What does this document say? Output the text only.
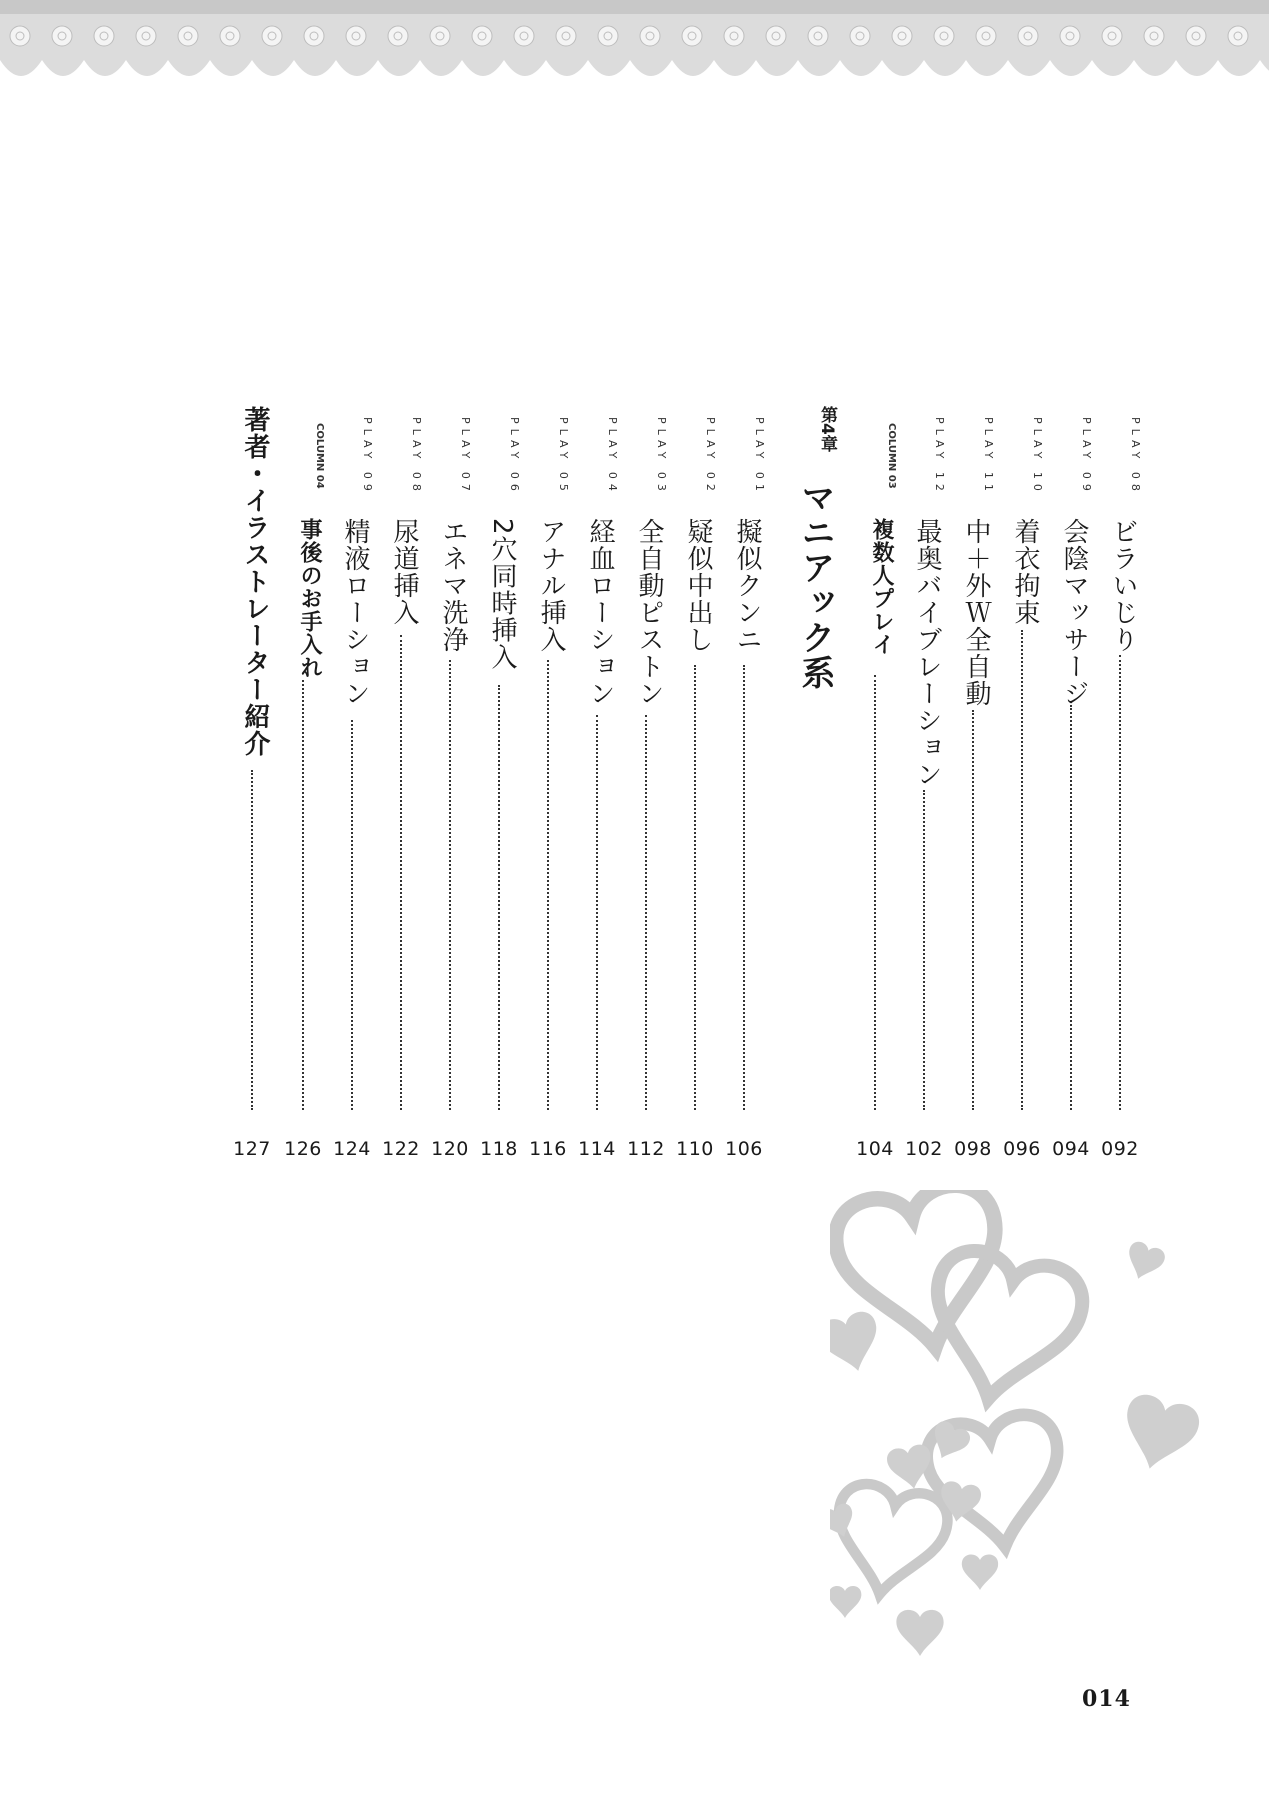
PLAY 08
ビラいじり
092
PLAY 09
会陰マッサージ
094
PLAY 10
着衣拘束
096
PLAY 11
中＋外Ｗ全自動
098
PLAY 12
最奥バイブレーション
102
COLUMN 03
複数人プレイ
104
第4章
マニアック系
PLAY 01
擬似クンニ
106
PLAY 02
疑似中出し
110
PLAY 03
全自動ピストン
112
PLAY 04
経血ローション
114
PLAY 05
アナル挿入
116
PLAY 06
2穴同時挿入
118
PLAY 07
エネマ洗浄
120
PLAY 08
尿道挿入
122
PLAY 09
精液ローション
124
COLUMN 04
事後のお手入れ
126
著者・イラストレーター紹介
127
014
